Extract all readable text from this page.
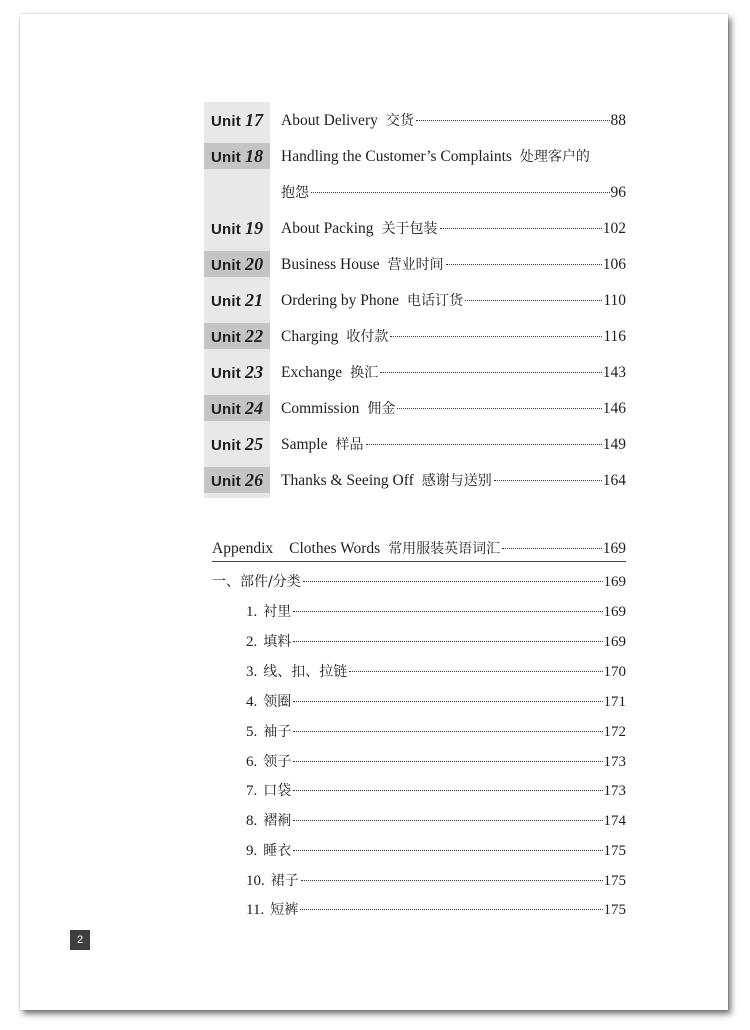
Unit 17 About Delivery 交货	88
Unit 18 Handling the Customer’s Complaints 处理客户的
抱怨	96
Unit 19 About Packing 关于包装	102
Unit 20 Business House 营业时间	106
Unit 21 Ordering by Phone 电话订货	110
Unit 22 Charging 收付款	116
Unit 23 Exchange 换汇	143
Unit 24 Commission 佣金	146
Unit 25 Sample 样品	149
Unit 26 Thanks & Seeing Off 感谢与送别	164
Appendix Clothes Words 常用服装英语词汇	169
一、部件/分类	169
1. 衬里	169
2. 填料	169
3. 线、扣、拉链	170
4. 领圈	171
5. 袖子	172
6. 领子	173
7. 口袋	173
8. 褶裥	174
9. 睡衣	175
10. 裙子	175
11. 短裤	175
2
